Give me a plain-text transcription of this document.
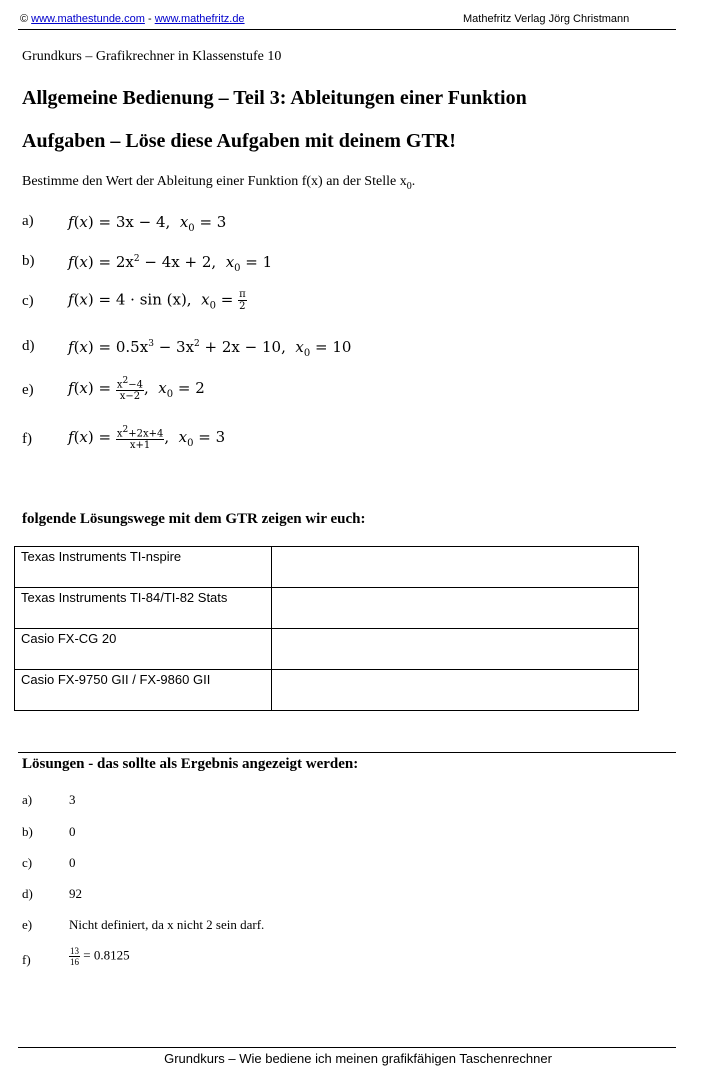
© www.mathestunde.com - www.mathefritz.de	Mathefritz Verlag Jörg Christmann
Grundkurs – Grafikrechner in Klassenstufe 10
Allgemeine Bedienung – Teil 3: Ableitungen einer Funktion
Aufgaben – Löse diese Aufgaben mit deinem GTR!
Bestimme den Wert der Ableitung einer Funktion f(x) an der Stelle $x_0$.
a) f(x) = 3x − 4, $x_0 = 3$
b) $f(x) = 2x^2 - 4x + 2$, $x_0 = 1$
c) f(x) = 4 · sin (x), $x_0 = \frac{\pi}{2}$
d) $f(x) = 0.5x^3 - 3x^2 + 2x - 10$, $x_0 = 10$
e) $f(x) = \frac{x^2-4}{x-2}$ ,  $x_0 = 2$
f) $f(x) = \frac{x^2+2x+4}{x+1}$ ,  $x_0 = 3$
folgende Lösungswege mit dem GTR zeigen wir euch:
Texas Instruments TI-nspire	
Texas Instruments TI-84/TI-82 Stats	
Casio FX-CG 20	
Casio FX-9750 GII / FX-9860 GII	
Lösungen - das sollte als Ergebnis angezeigt werden:
a)	3
b)	0
c)	0
d)	92
e)	Nicht definiert, da x nicht 2 sein darf.
f)	$\frac{13}{16} = 0.8125$
Grundkurs – Wie bediene ich meinen grafikfähigen Taschenrechner
